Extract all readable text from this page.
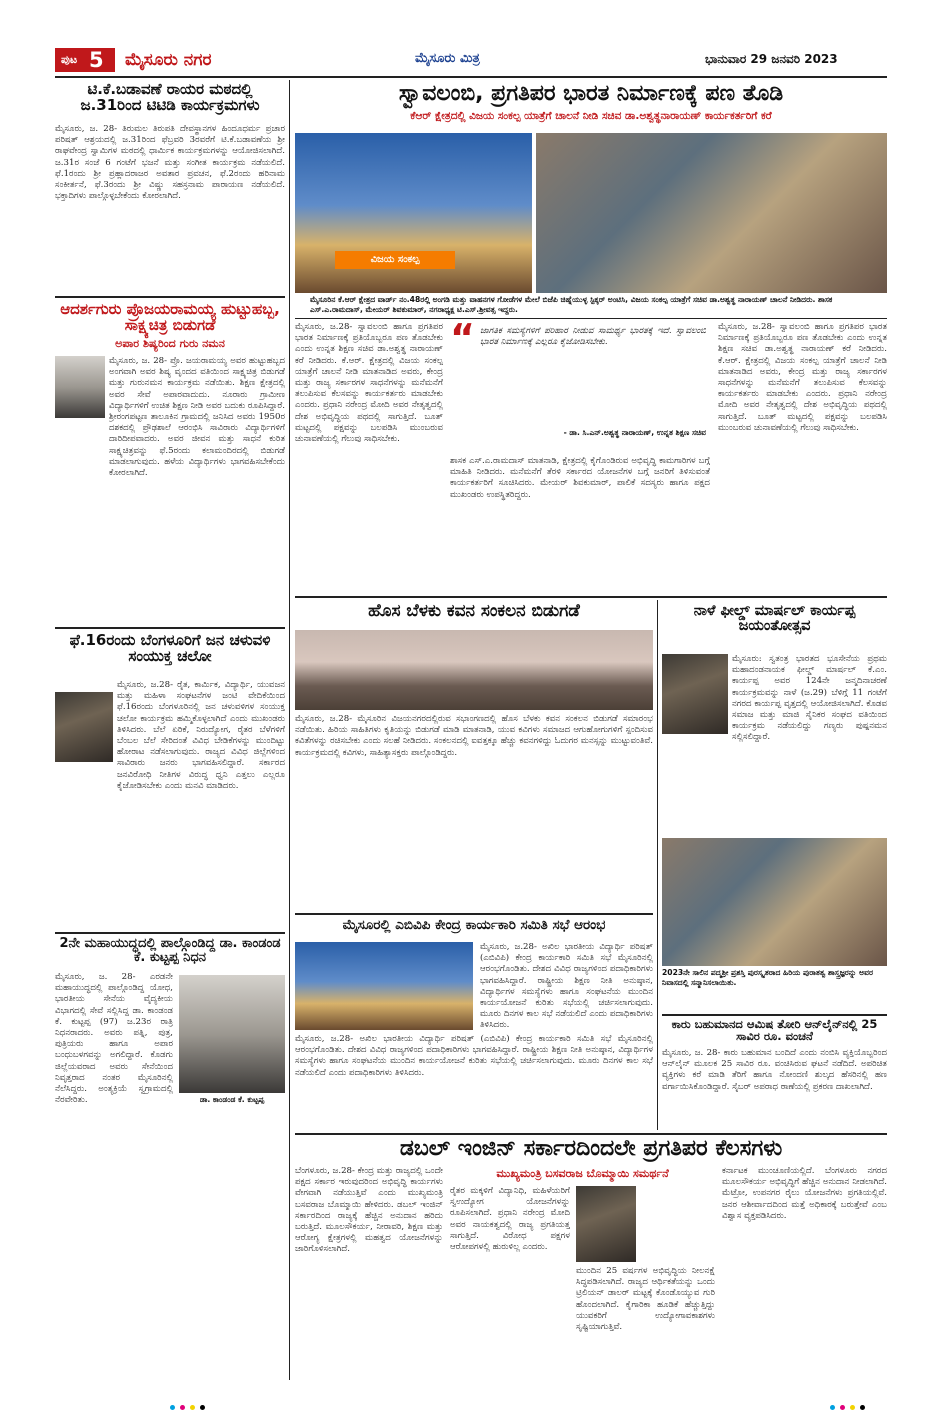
ಪುಟ 5 ಮೈಸೂರು ನಗರ	ಮೈಸೂರು ಮಿತ್ರ	ಭಾನುವಾರ 29 ಜನವರಿ 2023
ಟಿ.ಕೆ.ಬಡಾವಣೆ ರಾಯರ ಮಠದಲ್ಲಿ ಜ.31ರಿಂದ ಟಿಟಿಡಿ ಕಾರ್ಯಕ್ರಮಗಳು
ಮೈಸೂರು, ಜ. 28- ತಿರುಮಲ ತಿರುಪತಿ ದೇವಸ್ಥಾನಗಳ ಹಿಂದೂಧರ್ಮ ಪ್ರಚಾರ ಪರಿಷತ್ ಆಶ್ರಯದಲ್ಲಿ ಜ.31ರಿಂದ ಫೆಬ್ರವರಿ 3ರವರೆಗೆ ಟಿ.ಕೆ.ಬಡಾವಣೆಯ ಶ್ರೀ ರಾಘವೇಂದ್ರ ಸ್ವಾಮಿಗಳ ಮಠದಲ್ಲಿ ಧಾರ್ಮಿಕ ಕಾರ್ಯಕ್ರಮಗಳನ್ನು ಆಯೋಜಿಸಲಾಗಿದೆ. ಜ.31ರ ಸಂಜೆ 6 ಗಂಟೆಗೆ ಭಜನೆ ಮತ್ತು ಸಂಗೀತ ಕಾರ್ಯಕ್ರಮ ನಡೆಯಲಿದೆ. ಫೆ.1ರಂದು ಶ್ರೀ ಪ್ರಹ್ಲಾದರಾಜರ ಅವತಾರ ಪ್ರವಚನ, ಫೆ.2ರಂದು ಹರಿನಾಮ ಸಂಕೀರ್ತನೆ, ಫೆ.3ರಂದು ಶ್ರೀ ವಿಷ್ಣು ಸಹಸ್ರನಾಮ ಪಾರಾಯಣ ನಡೆಯಲಿದೆ. ಭಕ್ತಾದಿಗಳು ಪಾಲ್ಗೊಳ್ಳಬೇಕೆಂದು ಕೋರಲಾಗಿದೆ.
ಆದರ್ಶಗುರು ಪ್ರೊಜಯರಾಮಯ್ಯ ಹುಟ್ಟುಹಬ್ಬ, ಸಾಕ್ಷ್ಯಚಿತ್ರ ಬಿಡುಗಡೆ
ಅಪಾರ ಶಿಷ್ಯರಿಂದ ಗುರು ನಮನ
ಮೈಸೂರು, ಜ. 28- ಪ್ರೊ. ಜಯರಾಮಯ್ಯ ಅವರ ಹುಟ್ಟುಹಬ್ಬದ ಅಂಗವಾಗಿ ಅವರ ಶಿಷ್ಯ ವೃಂದದ ವತಿಯಿಂದ ಸಾಕ್ಷ್ಯಚಿತ್ರ ಬಿಡುಗಡೆ ಮತ್ತು ಗುರುನಮನ ಕಾರ್ಯಕ್ರಮ ನಡೆಯಿತು. ಶಿಕ್ಷಣ ಕ್ಷೇತ್ರದಲ್ಲಿ ಅವರ ಸೇವೆ ಅಪಾರವಾದುದು. ನೂರಾರು ಗ್ರಾಮೀಣ ವಿದ್ಯಾರ್ಥಿಗಳಿಗೆ ಉಚಿತ ಶಿಕ್ಷಣ ನೀಡಿ ಅವರ ಬದುಕು ರೂಪಿಸಿದ್ದಾರೆ. ಶ್ರೀರಂಗಪಟ್ಟಣ ತಾಲೂಕಿನ ಗ್ರಾಮದಲ್ಲಿ ಜನಿಸಿದ ಅವರು 1950ರ ದಶಕದಲ್ಲಿ ಪ್ರೌಢಶಾಲೆ ಆರಂಭಿಸಿ ಸಾವಿರಾರು ವಿದ್ಯಾರ್ಥಿಗಳಿಗೆ ದಾರಿದೀಪವಾದರು. ಅವರ ಜೀವನ ಮತ್ತು ಸಾಧನೆ ಕುರಿತ ಸಾಕ್ಷ್ಯಚಿತ್ರವನ್ನು ಫೆ.5ರಂದು ಕಲಾಮಂದಿರದಲ್ಲಿ ಬಿಡುಗಡೆ ಮಾಡಲಾಗುವುದು. ಹಳೆಯ ವಿದ್ಯಾರ್ಥಿಗಳು ಭಾಗವಹಿಸಬೇಕೆಂದು ಕೋರಲಾಗಿದೆ.
ಫೆ.16ರಂದು ಬೆಂಗಳೂರಿಗೆ ಜನ ಚಳುವಳಿ ಸಂಯುಕ್ತ ಚಲೋ
ಮೈಸೂರು, ಜ.28- ರೈತ, ಕಾರ್ಮಿಕ, ವಿದ್ಯಾರ್ಥಿ, ಯುವಜನ ಮತ್ತು ಮಹಿಳಾ ಸಂಘಟನೆಗಳ ಜಂಟಿ ವೇದಿಕೆಯಿಂದ ಫೆ.16ರಂದು ಬೆಂಗಳೂರಿನಲ್ಲಿ ಜನ ಚಳುವಳಿಗಳ ಸಂಯುಕ್ತ ಚಲೋ ಕಾರ್ಯಕ್ರಮ ಹಮ್ಮಿಕೊಳ್ಳಲಾಗಿದೆ ಎಂದು ಮುಖಂಡರು ತಿಳಿಸಿದರು. ಬೆಲೆ ಏರಿಕೆ, ನಿರುದ್ಯೋಗ, ರೈತರ ಬೆಳೆಗಳಿಗೆ ಬೆಂಬಲ ಬೆಲೆ ಸೇರಿದಂತೆ ವಿವಿಧ ಬೇಡಿಕೆಗಳನ್ನು ಮುಂದಿಟ್ಟು ಹೋರಾಟ ನಡೆಸಲಾಗುವುದು. ರಾಜ್ಯದ ವಿವಿಧ ಜಿಲ್ಲೆಗಳಿಂದ ಸಾವಿರಾರು ಜನರು ಭಾಗವಹಿಸಲಿದ್ದಾರೆ. ಸರ್ಕಾರದ ಜನವಿರೋಧಿ ನೀತಿಗಳ ವಿರುದ್ಧ ಧ್ವನಿ ಎತ್ತಲು ಎಲ್ಲರೂ ಕೈಜೋಡಿಸಬೇಕು ಎಂದು ಮನವಿ ಮಾಡಿದರು.
2ನೇ ಮಹಾಯುದ್ಧದಲ್ಲಿ ಪಾಲ್ಗೊಂಡಿದ್ದ ಡಾ. ಕಾಂಡಂಡ ಕೆ. ಕುಟ್ಟಪ್ಪ ನಿಧನ
ಮೈಸೂರು, ಜ. 28- ಎರಡನೇ ಮಹಾಯುದ್ಧದಲ್ಲಿ ಪಾಲ್ಗೊಂಡಿದ್ದ ಯೋಧ, ಭಾರತೀಯ ಸೇನೆಯ ವೈದ್ಯಕೀಯ ವಿಭಾಗದಲ್ಲಿ ಸೇವೆ ಸಲ್ಲಿಸಿದ್ದ ಡಾ. ಕಾಂಡಂಡ ಕೆ. ಕುಟ್ಟಪ್ಪ (97) ಜ.23ರ ರಾತ್ರಿ ನಿಧನರಾದರು. ಅವರು ಪತ್ನಿ, ಪುತ್ರ, ಪುತ್ರಿಯರು ಹಾಗೂ ಅಪಾರ ಬಂಧುಬಳಗವನ್ನು ಅಗಲಿದ್ದಾರೆ. ಕೊಡಗು ಜಿಲ್ಲೆಯವರಾದ ಅವರು ಸೇನೆಯಿಂದ ನಿವೃತ್ತರಾದ ನಂತರ ಮೈಸೂರಿನಲ್ಲಿ ನೆಲೆಸಿದ್ದರು. ಅಂತ್ಯಕ್ರಿಯೆ ಸ್ವಗ್ರಾಮದಲ್ಲಿ ನೆರವೇರಿತು.	ಡಾ. ಕಾಂಡಂಡ ಕೆ. ಕುಟ್ಟಪ್ಪ
ಸ್ವಾವಲಂಬಿ, ಪ್ರಗತಿಪರ ಭಾರತ ನಿರ್ಮಾಣಕ್ಕೆ ಪಣ ತೊಡಿ
ಕೆಆರ್ ಕ್ಷೇತ್ರದಲ್ಲಿ ವಿಜಯ ಸಂಕಲ್ಪ ಯಾತ್ರೆಗೆ ಚಾಲನೆ ನೀಡಿ ಸಚಿವ ಡಾ.ಅಶ್ವತ್ಥನಾರಾಯಣ್ ಕಾರ್ಯಕರ್ತರಿಗೆ ಕರೆ
ವಿಜಯ ಸಂಕಲ್ಪ
ಮೈಸೂರಿನ ಕೆ.ಆರ್ ಕ್ಷೇತ್ರದ ವಾರ್ಡ್ ನಂ.48ರಲ್ಲಿ ಅಂಗಡಿ ಮತ್ತು ವಾಹನಗಳ ಗೋಡೆಗಳ ಮೇಲೆ ಬಿಜೆಪಿ ಚಿಹ್ನೆಯುಳ್ಳ ಸ್ಟಿಕ್ಕರ್ ಅಂಟಿಸಿ, ವಿಜಯ ಸಂಕಲ್ಪ ಯಾತ್ರೆಗೆ ಸಚಿವ ಡಾ.ಅಶ್ವತ್ಥ ನಾರಾಯಣ್ ಚಾಲನೆ ನೀಡಿದರು. ಶಾಸಕ ಎಸ್.ಎ.ರಾಮದಾಸ್, ಮೇಯರ್ ಶಿವಕುಮಾರ್, ನಗರಾಧ್ಯಕ್ಷ ಟಿ.ಎಸ್.ಶ್ರೀವತ್ಸ ಇದ್ದರು.
ಮೈಸೂರು, ಜ.28- ಸ್ವಾವಲಂಬಿ ಹಾಗೂ ಪ್ರಗತಿಪರ ಭಾರತ ನಿರ್ಮಾಣಕ್ಕೆ ಪ್ರತಿಯೊಬ್ಬರೂ ಪಣ ತೊಡಬೇಕು ಎಂದು ಉನ್ನತ ಶಿಕ್ಷಣ ಸಚಿವ ಡಾ.ಅಶ್ವತ್ಥ ನಾರಾಯಣ್ ಕರೆ ನೀಡಿದರು. ಕೆ.ಆರ್. ಕ್ಷೇತ್ರದಲ್ಲಿ ವಿಜಯ ಸಂಕಲ್ಪ ಯಾತ್ರೆಗೆ ಚಾಲನೆ ನೀಡಿ ಮಾತನಾಡಿದ ಅವರು, ಕೇಂದ್ರ ಮತ್ತು ರಾಜ್ಯ ಸರ್ಕಾರಗಳ ಸಾಧನೆಗಳನ್ನು ಮನೆಮನೆಗೆ ತಲುಪಿಸುವ ಕೆಲಸವನ್ನು ಕಾರ್ಯಕರ್ತರು ಮಾಡಬೇಕು ಎಂದರು. ಪ್ರಧಾನಿ ನರೇಂದ್ರ ಮೋದಿ ಅವರ ನೇತೃತ್ವದಲ್ಲಿ ದೇಶ ಅಭಿವೃದ್ಧಿಯ ಪಥದಲ್ಲಿ ಸಾಗುತ್ತಿದೆ. ಬೂತ್ ಮಟ್ಟದಲ್ಲಿ ಪಕ್ಷವನ್ನು ಬಲಪಡಿಸಿ ಮುಂಬರುವ ಚುನಾವಣೆಯಲ್ಲಿ ಗೆಲುವು ಸಾಧಿಸಬೇಕು.
“ ಜಾಗತಿಕ ಸಮಸ್ಯೆಗಳಿಗೆ ಪರಿಹಾರ ನೀಡುವ ಸಾಮರ್ಥ್ಯ ಭಾರತಕ್ಕೆ ಇದೆ. ಸ್ವಾವಲಂಬಿ ಭಾರತ ನಿರ್ಮಾಣಕ್ಕೆ ಎಲ್ಲರೂ ಕೈಜೋಡಿಸಬೇಕು.
- ಡಾ. ಸಿ.ಎನ್.ಅಶ್ವತ್ಥ ನಾರಾಯಣ್, ಉನ್ನತ ಶಿಕ್ಷಣ ಸಚಿವ
ಶಾಸಕ ಎಸ್.ಎ.ರಾಮದಾಸ್ ಮಾತನಾಡಿ, ಕ್ಷೇತ್ರದಲ್ಲಿ ಕೈಗೊಂಡಿರುವ ಅಭಿವೃದ್ಧಿ ಕಾಮಗಾರಿಗಳ ಬಗ್ಗೆ ಮಾಹಿತಿ ನೀಡಿದರು. ಮನೆಮನೆಗೆ ತೆರಳಿ ಸರ್ಕಾರದ ಯೋಜನೆಗಳ ಬಗ್ಗೆ ಜನರಿಗೆ ತಿಳಿಸುವಂತೆ ಕಾರ್ಯಕರ್ತರಿಗೆ ಸೂಚಿಸಿದರು. ಮೇಯರ್ ಶಿವಕುಮಾರ್, ಪಾಲಿಕೆ ಸದಸ್ಯರು ಹಾಗೂ ಪಕ್ಷದ ಮುಖಂಡರು ಉಪಸ್ಥಿತರಿದ್ದರು.
ಮೈಸೂರು, ಜ.28- ಸ್ವಾವಲಂಬಿ ಹಾಗೂ ಪ್ರಗತಿಪರ ಭಾರತ ನಿರ್ಮಾಣಕ್ಕೆ ಪ್ರತಿಯೊಬ್ಬರೂ ಪಣ ತೊಡಬೇಕು ಎಂದು ಉನ್ನತ ಶಿಕ್ಷಣ ಸಚಿವ ಡಾ.ಅಶ್ವತ್ಥ ನಾರಾಯಣ್ ಕರೆ ನೀಡಿದರು. ಕೆ.ಆರ್. ಕ್ಷೇತ್ರದಲ್ಲಿ ವಿಜಯ ಸಂಕಲ್ಪ ಯಾತ್ರೆಗೆ ಚಾಲನೆ ನೀಡಿ ಮಾತನಾಡಿದ ಅವರು, ಕೇಂದ್ರ ಮತ್ತು ರಾಜ್ಯ ಸರ್ಕಾರಗಳ ಸಾಧನೆಗಳನ್ನು ಮನೆಮನೆಗೆ ತಲುಪಿಸುವ ಕೆಲಸವನ್ನು ಕಾರ್ಯಕರ್ತರು ಮಾಡಬೇಕು ಎಂದರು. ಪ್ರಧಾನಿ ನರೇಂದ್ರ ಮೋದಿ ಅವರ ನೇತೃತ್ವದಲ್ಲಿ ದೇಶ ಅಭಿವೃದ್ಧಿಯ ಪಥದಲ್ಲಿ ಸಾಗುತ್ತಿದೆ. ಬೂತ್ ಮಟ್ಟದಲ್ಲಿ ಪಕ್ಷವನ್ನು ಬಲಪಡಿಸಿ ಮುಂಬರುವ ಚುನಾವಣೆಯಲ್ಲಿ ಗೆಲುವು ಸಾಧಿಸಬೇಕು.
ಹೊಸ ಬೆಳಕು ಕವನ ಸಂಕಲನ ಬಿಡುಗಡೆ
ಮೈಸೂರು, ಜ.28- ಮೈಸೂರಿನ ವಿಜಯನಗರದಲ್ಲಿರುವ ಸಭಾಂಗಣದಲ್ಲಿ ಹೊಸ ಬೆಳಕು ಕವನ ಸಂಕಲನ ಬಿಡುಗಡೆ ಸಮಾರಂಭ ನಡೆಯಿತು. ಹಿರಿಯ ಸಾಹಿತಿಗಳು ಕೃತಿಯನ್ನು ಬಿಡುಗಡೆ ಮಾಡಿ ಮಾತನಾಡಿ, ಯುವ ಕವಿಗಳು ಸಮಾಜದ ಆಗುಹೋಗುಗಳಿಗೆ ಸ್ಪಂದಿಸುವ ಕವಿತೆಗಳನ್ನು ರಚಿಸಬೇಕು ಎಂದು ಸಲಹೆ ನೀಡಿದರು. ಸಂಕಲನದಲ್ಲಿ ಐವತ್ತಕ್ಕೂ ಹೆಚ್ಚು ಕವನಗಳಿದ್ದು ಓದುಗರ ಮನಸ್ಸನ್ನು ಮುಟ್ಟುವಂತಿವೆ. ಕಾರ್ಯಕ್ರಮದಲ್ಲಿ ಕವಿಗಳು, ಸಾಹಿತ್ಯಾಸಕ್ತರು ಪಾಲ್ಗೊಂಡಿದ್ದರು.
ಮೈಸೂರಲ್ಲಿ ಎಬಿವಿಪಿ ಕೇಂದ್ರ ಕಾರ್ಯಕಾರಿ ಸಮಿತಿ ಸಭೆ ಆರಂಭ
ಮೈಸೂರು, ಜ.28- ಅಖಿಲ ಭಾರತೀಯ ವಿದ್ಯಾರ್ಥಿ ಪರಿಷತ್ (ಎಬಿವಿಪಿ) ಕೇಂದ್ರ ಕಾರ್ಯಕಾರಿ ಸಮಿತಿ ಸಭೆ ಮೈಸೂರಿನಲ್ಲಿ ಆರಂಭಗೊಂಡಿತು. ದೇಶದ ವಿವಿಧ ರಾಜ್ಯಗಳಿಂದ ಪದಾಧಿಕಾರಿಗಳು ಭಾಗವಹಿಸಿದ್ದಾರೆ. ರಾಷ್ಟ್ರೀಯ ಶಿಕ್ಷಣ ನೀತಿ ಅನುಷ್ಠಾನ, ವಿದ್ಯಾರ್ಥಿಗಳ ಸಮಸ್ಯೆಗಳು ಹಾಗೂ ಸಂಘಟನೆಯ ಮುಂದಿನ ಕಾರ್ಯಯೋಜನೆ ಕುರಿತು ಸಭೆಯಲ್ಲಿ ಚರ್ಚಿಸಲಾಗುವುದು. ಮೂರು ದಿನಗಳ ಕಾಲ ಸಭೆ ನಡೆಯಲಿದೆ ಎಂದು ಪದಾಧಿಕಾರಿಗಳು ತಿಳಿಸಿದರು.
ಮೈಸೂರು, ಜ.28- ಅಖಿಲ ಭಾರತೀಯ ವಿದ್ಯಾರ್ಥಿ ಪರಿಷತ್ (ಎಬಿವಿಪಿ) ಕೇಂದ್ರ ಕಾರ್ಯಕಾರಿ ಸಮಿತಿ ಸಭೆ ಮೈಸೂರಿನಲ್ಲಿ ಆರಂಭಗೊಂಡಿತು. ದೇಶದ ವಿವಿಧ ರಾಜ್ಯಗಳಿಂದ ಪದಾಧಿಕಾರಿಗಳು ಭಾಗವಹಿಸಿದ್ದಾರೆ. ರಾಷ್ಟ್ರೀಯ ಶಿಕ್ಷಣ ನೀತಿ ಅನುಷ್ಠಾನ, ವಿದ್ಯಾರ್ಥಿಗಳ ಸಮಸ್ಯೆಗಳು ಹಾಗೂ ಸಂಘಟನೆಯ ಮುಂದಿನ ಕಾರ್ಯಯೋಜನೆ ಕುರಿತು ಸಭೆಯಲ್ಲಿ ಚರ್ಚಿಸಲಾಗುವುದು. ಮೂರು ದಿನಗಳ ಕಾಲ ಸಭೆ ನಡೆಯಲಿದೆ ಎಂದು ಪದಾಧಿಕಾರಿಗಳು ತಿಳಿಸಿದರು.
ನಾಳೆ ಫೀಲ್ಡ್ ಮಾರ್ಷಲ್ ಕಾರ್ಯಪ್ಪ ಜಯಂತೋತ್ಸವ
ಮೈಸೂರು: ಸ್ವತಂತ್ರ ಭಾರತದ ಭೂಸೇನೆಯ ಪ್ರಥಮ ಮಹಾದಂಡನಾಯಕ ಫೀಲ್ಡ್ ಮಾರ್ಷಲ್ ಕೆ.ಎಂ. ಕಾರ್ಯಪ್ಪ ಅವರ 124ನೇ ಜನ್ಮದಿನಾಚರಣೆ ಕಾರ್ಯಕ್ರಮವನ್ನು ನಾಳೆ (ಜ.29) ಬೆಳಿಗ್ಗೆ 11 ಗಂಟೆಗೆ ನಗರದ ಕಾರ್ಯಪ್ಪ ವೃತ್ತದಲ್ಲಿ ಆಯೋಜಿಸಲಾಗಿದೆ. ಕೊಡವ ಸಮಾಜ ಮತ್ತು ಮಾಜಿ ಸೈನಿಕರ ಸಂಘದ ವತಿಯಿಂದ ಕಾರ್ಯಕ್ರಮ ನಡೆಯಲಿದ್ದು ಗಣ್ಯರು ಪುಷ್ಪನಮನ ಸಲ್ಲಿಸಲಿದ್ದಾರೆ.
2023ನೇ ಸಾಲಿನ ಪದ್ಮಶ್ರೀ ಪ್ರಶಸ್ತಿ ಪುರಸ್ಕೃತರಾದ ಹಿರಿಯ ಪುರಾತತ್ವ ಶಾಸ್ತ್ರಜ್ಞರನ್ನು ಅವರ ನಿವಾಸದಲ್ಲಿ ಸನ್ಮಾನಿಸಲಾಯಿತು.
ಕಾರು ಬಹುಮಾನದ ಆಮಿಷ ತೋರಿ ಆನ್‌ಲೈನ್‌ನಲ್ಲಿ 25 ಸಾವಿರ ರೂ. ವಂಚನೆ
ಮೈಸೂರು, ಜ. 28- ಕಾರು ಬಹುಮಾನ ಬಂದಿದೆ ಎಂದು ನಂಬಿಸಿ ವ್ಯಕ್ತಿಯೊಬ್ಬರಿಂದ ಆನ್‌ಲೈನ್ ಮೂಲಕ 25 ಸಾವಿರ ರೂ. ವಂಚಿಸಿರುವ ಘಟನೆ ನಡೆದಿದೆ. ಅಪರಿಚಿತ ವ್ಯಕ್ತಿಗಳು ಕರೆ ಮಾಡಿ ತೆರಿಗೆ ಹಾಗೂ ನೋಂದಣಿ ಶುಲ್ಕದ ಹೆಸರಿನಲ್ಲಿ ಹಣ ವರ್ಗಾಯಿಸಿಕೊಂಡಿದ್ದಾರೆ. ಸೈಬರ್ ಅಪರಾಧ ಠಾಣೆಯಲ್ಲಿ ಪ್ರಕರಣ ದಾಖಲಾಗಿದೆ.
ಡಬಲ್ ಇಂಜಿನ್ ಸರ್ಕಾರದಿಂದಲೇ ಪ್ರಗತಿಪರ ಕೆಲಸಗಳು
ಬೆಂಗಳೂರು, ಜ.28- ಕೇಂದ್ರ ಮತ್ತು ರಾಜ್ಯದಲ್ಲಿ ಒಂದೇ ಪಕ್ಷದ ಸರ್ಕಾರ ಇರುವುದರಿಂದ ಅಭಿವೃದ್ಧಿ ಕಾರ್ಯಗಳು ವೇಗವಾಗಿ ನಡೆಯುತ್ತಿವೆ ಎಂದು ಮುಖ್ಯಮಂತ್ರಿ ಬಸವರಾಜ ಬೊಮ್ಮಾಯಿ ಹೇಳಿದರು. ಡಬಲ್ ಇಂಜಿನ್ ಸರ್ಕಾರದಿಂದ ರಾಜ್ಯಕ್ಕೆ ಹೆಚ್ಚಿನ ಅನುದಾನ ಹರಿದು ಬರುತ್ತಿದೆ. ಮೂಲಸೌಕರ್ಯ, ನೀರಾವರಿ, ಶಿಕ್ಷಣ ಮತ್ತು ಆರೋಗ್ಯ ಕ್ಷೇತ್ರಗಳಲ್ಲಿ ಮಹತ್ವದ ಯೋಜನೆಗಳನ್ನು ಜಾರಿಗೊಳಿಸಲಾಗಿದೆ.
ಮುಖ್ಯಮಂತ್ರಿ ಬಸವರಾಜ ಬೊಮ್ಮಾಯಿ ಸಮರ್ಥನೆ
ರೈತರ ಮಕ್ಕಳಿಗೆ ವಿದ್ಯಾನಿಧಿ, ಮಹಿಳೆಯರಿಗೆ ಸ್ವಉದ್ಯೋಗ ಯೋಜನೆಗಳನ್ನು ರೂಪಿಸಲಾಗಿದೆ. ಪ್ರಧಾನಿ ನರೇಂದ್ರ ಮೋದಿ ಅವರ ನಾಯಕತ್ವದಲ್ಲಿ ರಾಜ್ಯ ಪ್ರಗತಿಯತ್ತ ಸಾಗುತ್ತಿದೆ. ವಿರೋಧ ಪಕ್ಷಗಳ ಆರೋಪಗಳಲ್ಲಿ ಹುರುಳಿಲ್ಲ ಎಂದರು.
ಮುಂದಿನ 25 ವರ್ಷಗಳ ಅಭಿವೃದ್ಧಿಯ ನೀಲನಕ್ಷೆ ಸಿದ್ಧಪಡಿಸಲಾಗಿದೆ. ರಾಜ್ಯದ ಆರ್ಥಿಕತೆಯನ್ನು ಒಂದು ಟ್ರಿಲಿಯನ್ ಡಾಲರ್ ಮಟ್ಟಕ್ಕೆ ಕೊಂಡೊಯ್ಯುವ ಗುರಿ ಹೊಂದಲಾಗಿದೆ. ಕೈಗಾರಿಕಾ ಹೂಡಿಕೆ ಹೆಚ್ಚುತ್ತಿದ್ದು ಯುವಕರಿಗೆ ಉದ್ಯೋಗಾವಕಾಶಗಳು ಸೃಷ್ಟಿಯಾಗುತ್ತಿವೆ.
ಕರ್ನಾಟಕ ಮುಂಚೂಣಿಯಲ್ಲಿದೆ. ಬೆಂಗಳೂರು ನಗರದ ಮೂಲಸೌಕರ್ಯ ಅಭಿವೃದ್ಧಿಗೆ ಹೆಚ್ಚಿನ ಅನುದಾನ ನೀಡಲಾಗಿದೆ. ಮೆಟ್ರೋ, ಉಪನಗರ ರೈಲು ಯೋಜನೆಗಳು ಪ್ರಗತಿಯಲ್ಲಿವೆ. ಜನರ ಆಶೀರ್ವಾದದಿಂದ ಮತ್ತೆ ಅಧಿಕಾರಕ್ಕೆ ಬರುತ್ತೇವೆ ಎಂಬ ವಿಶ್ವಾಸ ವ್ಯಕ್ತಪಡಿಸಿದರು.
